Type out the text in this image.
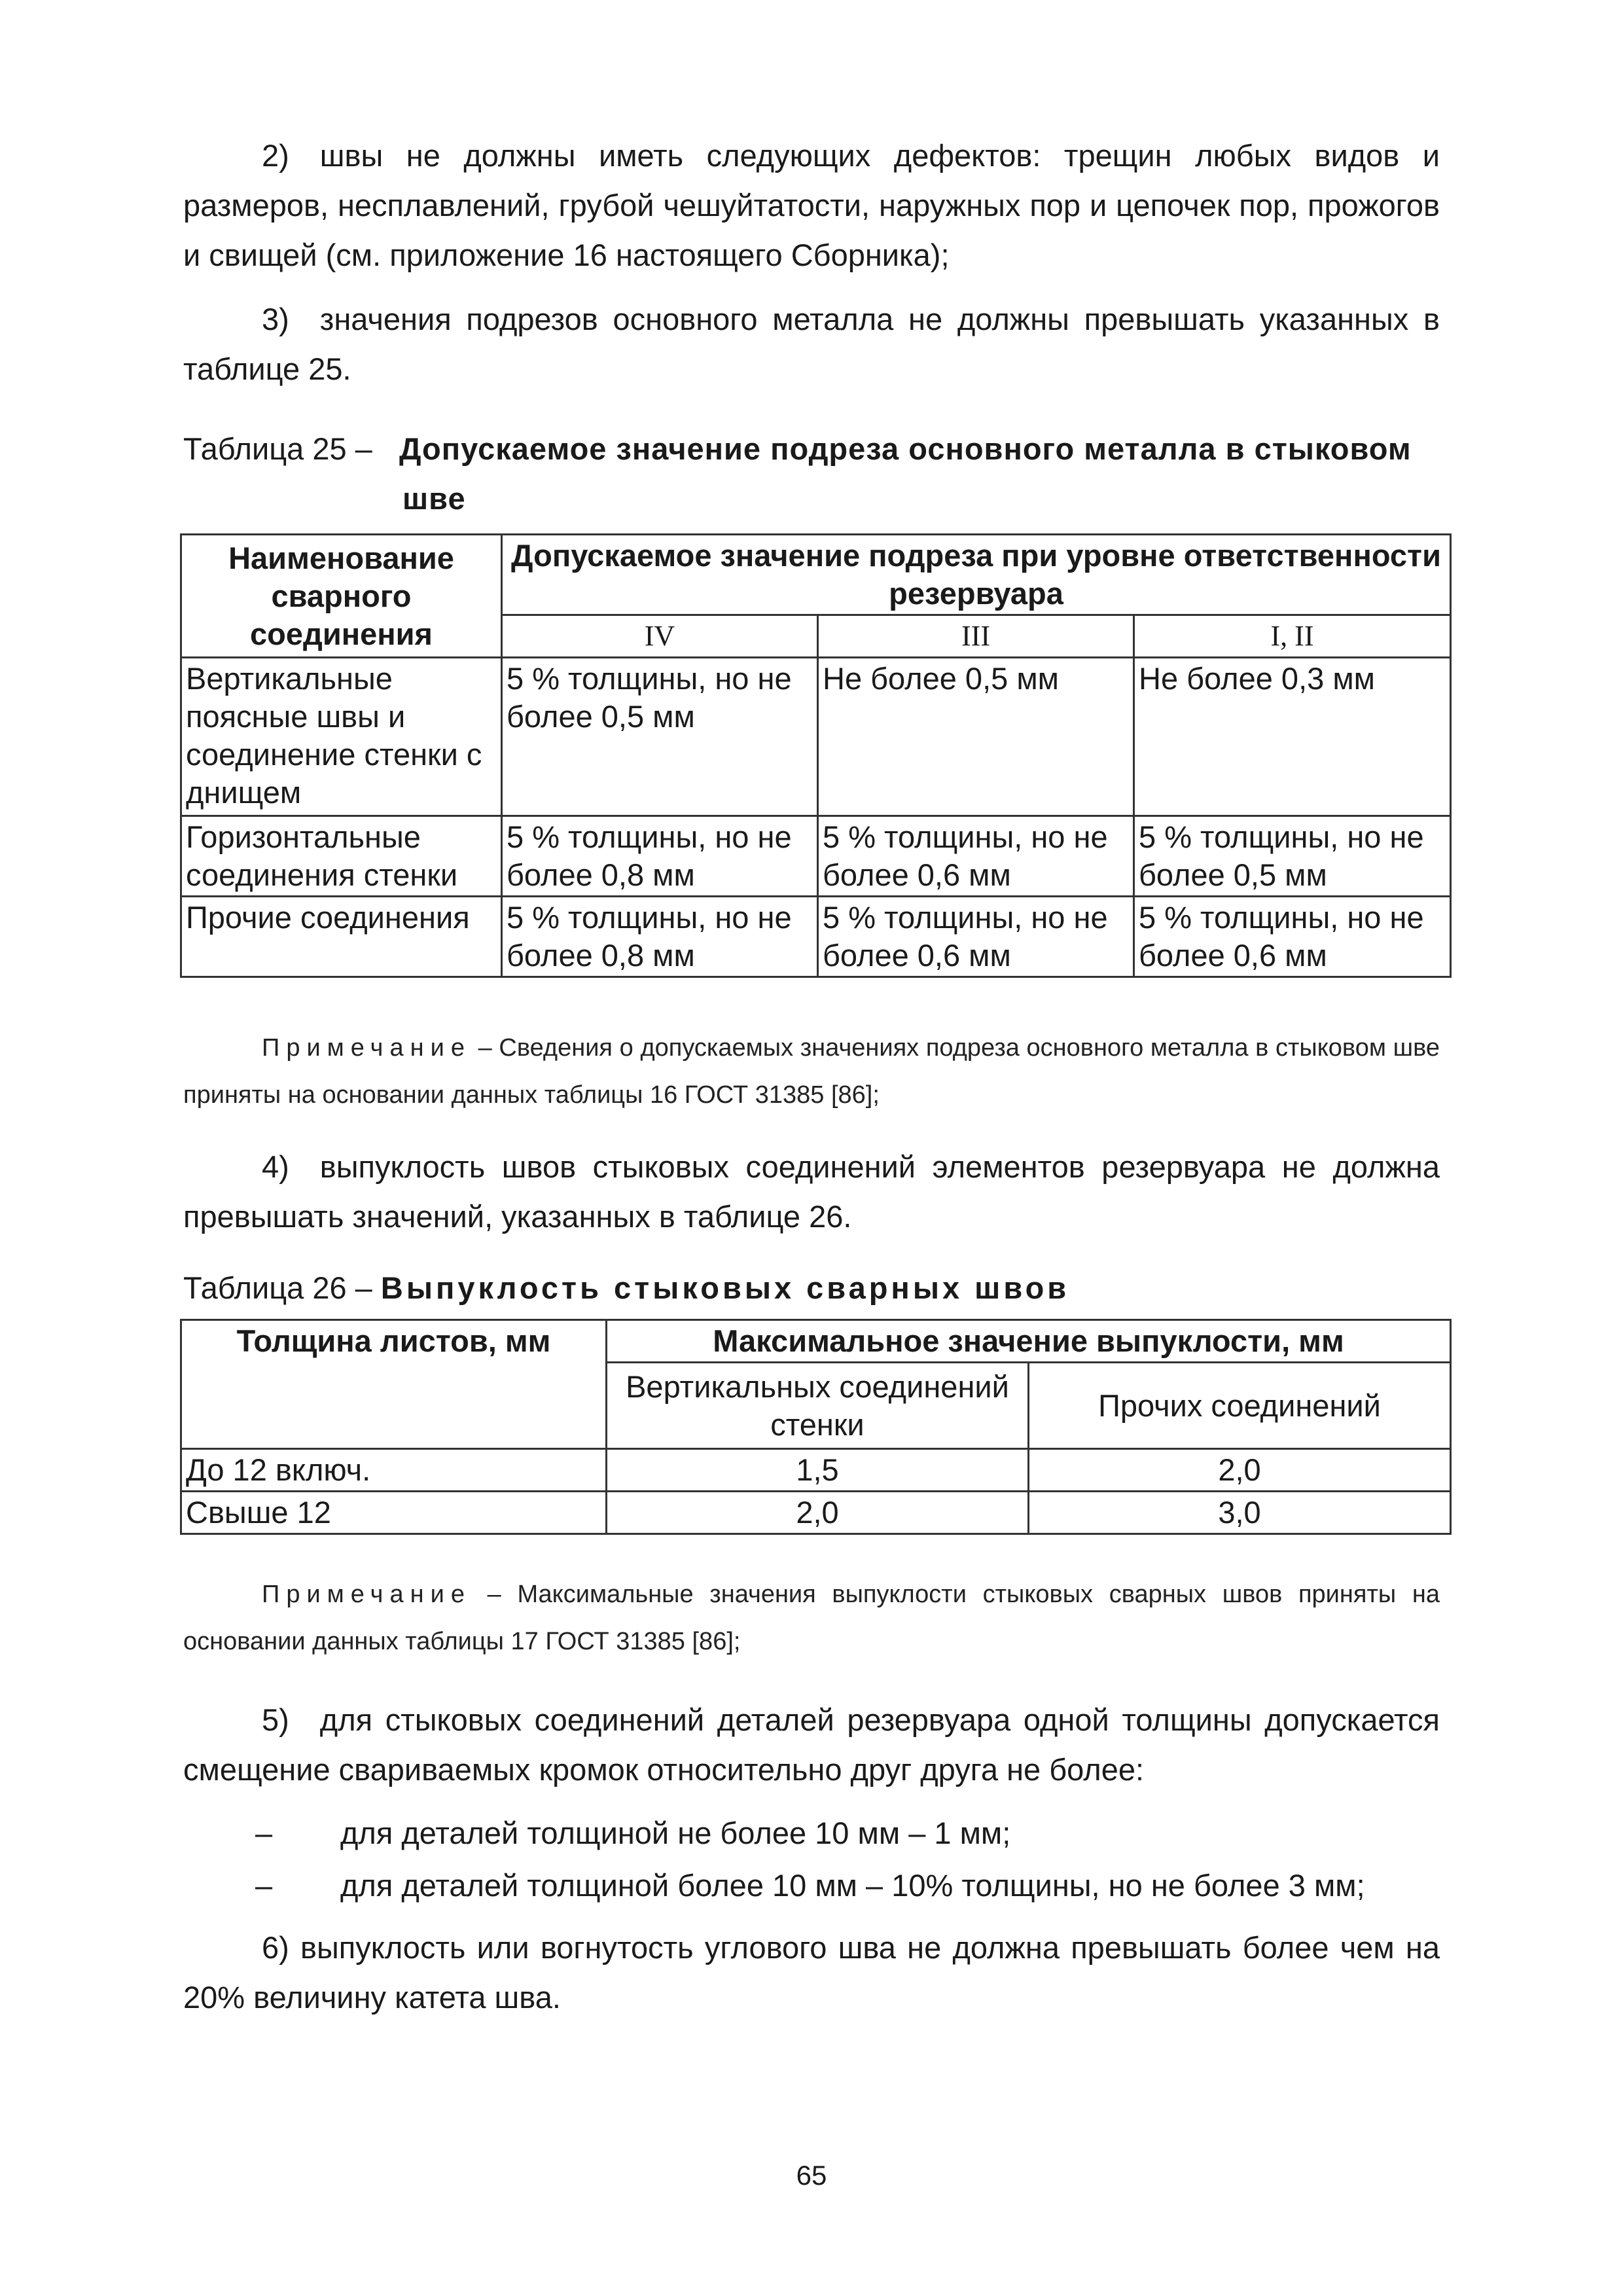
2) швы не должны иметь следующих дефектов: трещин любых видов и размеров, несплавлений, грубой чешуйтатости, наружных пор и цепочек пор, прожогов и свищей (см. приложение 16 настоящего Сборника);

3) значения подрезов основного металла не должны превышать указанных в таблице 25.

Таблица 25 – Допускаемое значение подреза основного металла в стыковом
шве
Наименование сварного соединения	Допускаемое значение подреза при уровне ответственности резервуара		
	IV	III	I, II
Вертикальные поясные швы и соединение стенки с днищем	5 % толщины, но не более 0,5 мм	Не более 0,5 мм	Не более 0,3 мм
Горизонтальные соединения стенки	5 % толщины, но не более 0,8 мм	5 % толщины, но не более 0,6 мм	5 % толщины, но не более 0,5 мм
Прочие соединения	5 % толщины, но не более 0,8 мм	5 % толщины, но не более 0,6 мм	5 % толщины, но не более 0,6 мм

Примечание – Сведения о допускаемых значениях подреза основного металла в стыковом шве приняты на основании данных таблицы 16 ГОСТ 31385 [86];

4) выпуклость швов стыковых соединений элементов резервуара не должна превышать значений, указанных в таблице 26.

Таблица 26 – Выпуклость стыковых сварных швов
Толщина листов, мм	Максимальное значение выпуклости, мм	
	Вертикальных соединений стенки	Прочих соединений
До 12 включ.	1,5	2,0
Свыше 12	2,0	3,0

Примечание – Максимальные значения выпуклости стыковых сварных швов приняты на основании данных таблицы 17 ГОСТ 31385 [86];

5) для стыковых соединений деталей резервуара одной толщины допускается смещение свариваемых кромок относительно друг друга не более:

–	для деталей толщиной не более 10 мм – 1 мм;
–	для деталей толщиной более 10 мм – 10% толщины, но не более 3 мм;

6) выпуклость или вогнутость углового шва не должна превышать более чем на 20% величину катета шва.

65
